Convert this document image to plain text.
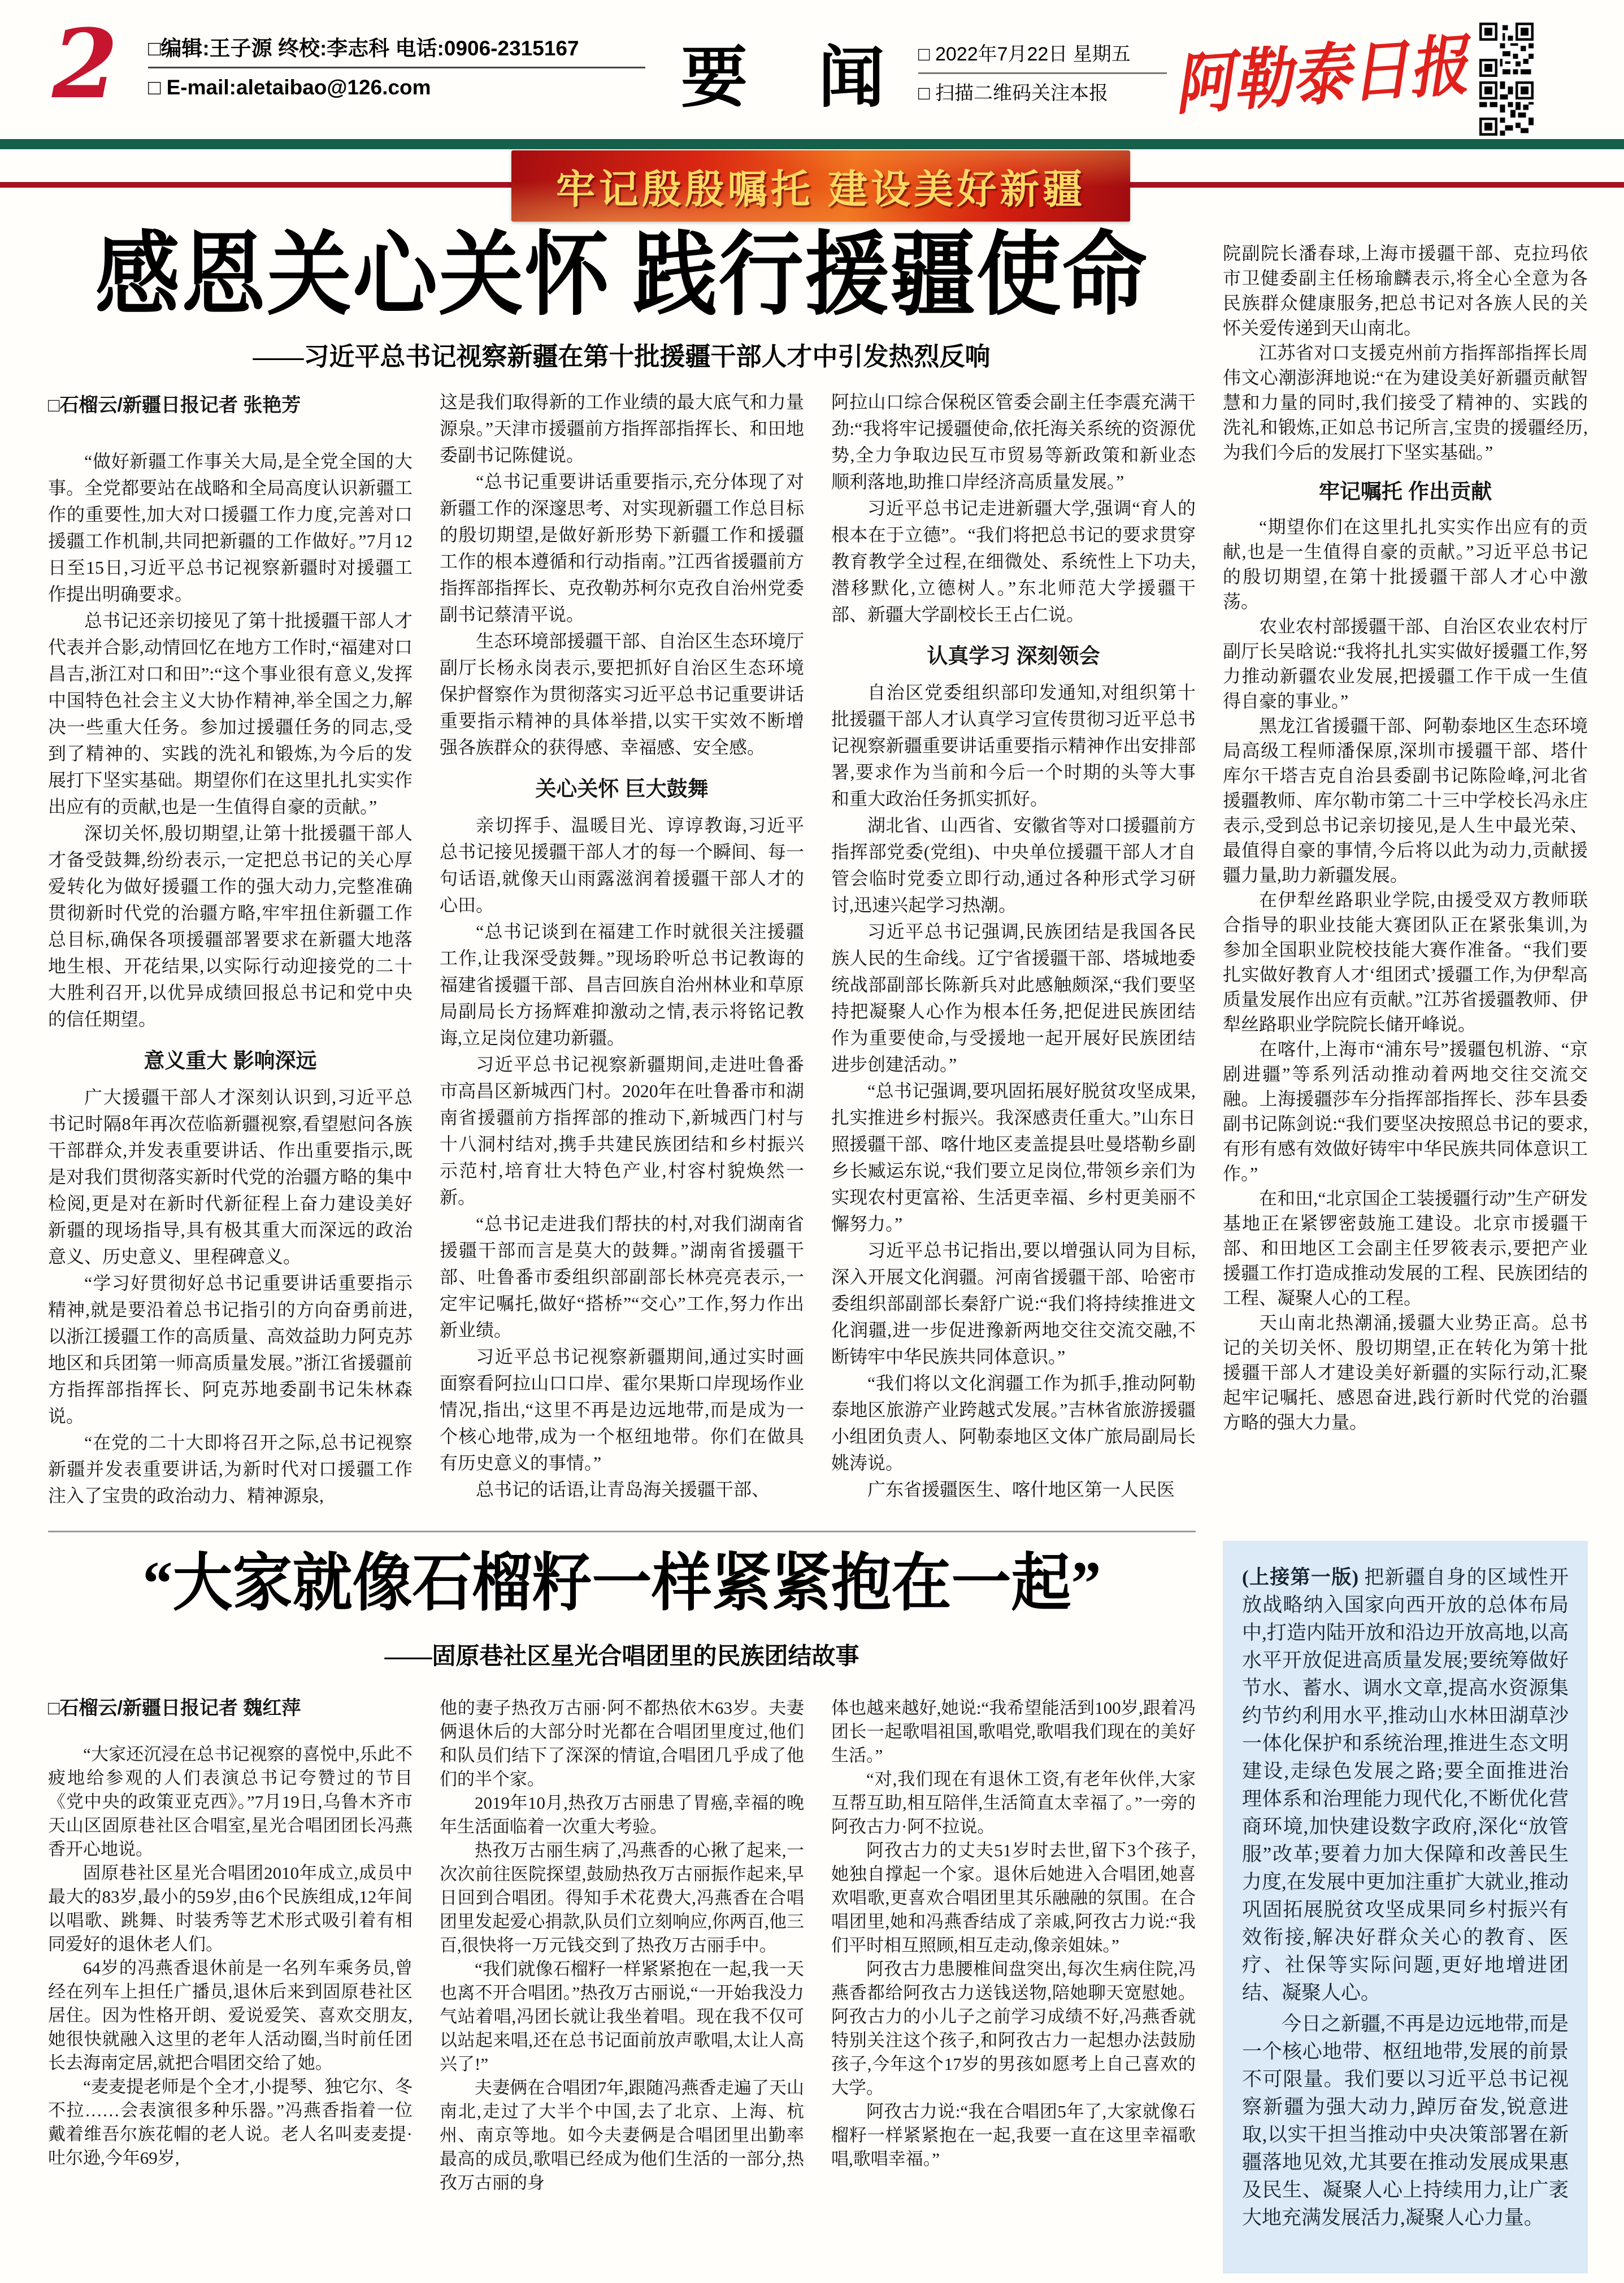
2 □编辑:王子源 终校:李志科 电话:0906-2315167
□ E-mail:aletaibao@126.com	要 闻 □ 2022年7月22日 星期五
□ 扫描二维码关注本报	阿勒泰日报
牢记殷殷嘱托 建设美好新疆
感恩关心关怀 践行援疆使命
——习近平总书记视察新疆在第十批援疆干部人才中引发热烈反响
□石榴云/新疆日报记者 张艳芳

“做好新疆工作事关大局,是全党全国的大事。全党都要站在战略和全局高度认识新疆工作的重要性,加大对口援疆工作力度,完善对口援疆工作机制,共同把新疆的工作做好。”7月12日至15日,习近平总书记视察新疆时对援疆工作提出明确要求。

总书记还亲切接见了第十批援疆干部人才代表并合影,动情回忆在地方工作时,“福建对口昌吉,浙江对口和田”:“这个事业很有意义,发挥中国特色社会主义大协作精神,举全国之力,解决一些重大任务。参加过援疆任务的同志,受到了精神的、实践的洗礼和锻炼,为今后的发展打下坚实基础。期望你们在这里扎扎实实作出应有的贡献,也是一生值得自豪的贡献。”

深切关怀,殷切期望,让第十批援疆干部人才备受鼓舞,纷纷表示,一定把总书记的关心厚爱转化为做好援疆工作的强大动力,完整准确贯彻新时代党的治疆方略,牢牢扭住新疆工作总目标,确保各项援疆部署要求在新疆大地落地生根、开花结果,以实际行动迎接党的二十大胜利召开,以优异成绩回报总书记和党中央的信任期望。

意义重大 影响深远

广大援疆干部人才深刻认识到,习近平总书记时隔8年再次莅临新疆视察,看望慰问各族干部群众,并发表重要讲话、作出重要指示,既是对我们贯彻落实新时代党的治疆方略的集中检阅,更是对在新时代新征程上奋力建设美好新疆的现场指导,具有极其重大而深远的政治意义、历史意义、里程碑意义。

“学习好贯彻好总书记重要讲话重要指示精神,就是要沿着总书记指引的方向奋勇前进,以浙江援疆工作的高质量、高效益助力阿克苏地区和兵团第一师高质量发展。”浙江省援疆前方指挥部指挥长、阿克苏地委副书记朱林森说。

“在党的二十大即将召开之际,总书记视察新疆并发表重要讲话,为新时代对口援疆工作注入了宝贵的政治动力、精神源泉,

这是我们取得新的工作业绩的最大底气和力量源泉。”天津市援疆前方指挥部指挥长、和田地委副书记陈健说。

“总书记重要讲话重要指示,充分体现了对新疆工作的深邃思考、对实现新疆工作总目标的殷切期望,是做好新形势下新疆工作和援疆工作的根本遵循和行动指南。”江西省援疆前方指挥部指挥长、克孜勒苏柯尔克孜自治州党委副书记蔡清平说。

生态环境部援疆干部、自治区生态环境厅副厅长杨永岗表示,要把抓好自治区生态环境保护督察作为贯彻落实习近平总书记重要讲话重要指示精神的具体举措,以实干实效不断增强各族群众的获得感、幸福感、安全感。

关心关怀 巨大鼓舞

亲切挥手、温暖目光、谆谆教诲,习近平总书记接见援疆干部人才的每一个瞬间、每一句话语,就像天山雨露滋润着援疆干部人才的心田。

“总书记谈到在福建工作时就很关注援疆工作,让我深受鼓舞。”现场聆听总书记教诲的福建省援疆干部、昌吉回族自治州林业和草原局副局长方扬辉难抑激动之情,表示将铭记教诲,立足岗位建功新疆。

习近平总书记视察新疆期间,走进吐鲁番市高昌区新城西门村。2020年在吐鲁番市和湖南省援疆前方指挥部的推动下,新城西门村与十八洞村结对,携手共建民族团结和乡村振兴示范村,培育壮大特色产业,村容村貌焕然一新。

“总书记走进我们帮扶的村,对我们湖南省援疆干部而言是莫大的鼓舞。”湖南省援疆干部、吐鲁番市委组织部副部长林亮亮表示,一定牢记嘱托,做好“搭桥”“交心”工作,努力作出新业绩。

习近平总书记视察新疆期间,通过实时画面察看阿拉山口口岸、霍尔果斯口岸现场作业情况,指出,“这里不再是边远地带,而是成为一个核心地带,成为一个枢纽地带。你们在做具有历史意义的事情。”

总书记的话语,让青岛海关援疆干部、

阿拉山口综合保税区管委会副主任李震充满干劲:“我将牢记援疆使命,依托海关系统的资源优势,全力争取边民互市贸易等新政策和新业态顺利落地,助推口岸经济高质量发展。”

习近平总书记走进新疆大学,强调“育人的根本在于立德”。“我们将把总书记的要求贯穿教育教学全过程,在细微处、系统性上下功夫,潜移默化,立德树人。”东北师范大学援疆干部、新疆大学副校长王占仁说。

认真学习 深刻领会

自治区党委组织部印发通知,对组织第十批援疆干部人才认真学习宣传贯彻习近平总书记视察新疆重要讲话重要指示精神作出安排部署,要求作为当前和今后一个时期的头等大事和重大政治任务抓实抓好。

湖北省、山西省、安徽省等对口援疆前方指挥部党委(党组)、中央单位援疆干部人才自管会临时党委立即行动,通过各种形式学习研讨,迅速兴起学习热潮。

习近平总书记强调,民族团结是我国各民族人民的生命线。辽宁省援疆干部、塔城地委统战部副部长陈新兵对此感触颇深,“我们要坚持把凝聚人心作为根本任务,把促进民族团结作为重要使命,与受援地一起开展好民族团结进步创建活动。”

“总书记强调,要巩固拓展好脱贫攻坚成果,扎实推进乡村振兴。我深感责任重大。”山东日照援疆干部、喀什地区麦盖提县吐曼塔勒乡副乡长臧运东说,“我们要立足岗位,带领乡亲们为实现农村更富裕、生活更幸福、乡村更美丽不懈努力。”

习近平总书记指出,要以增强认同为目标,深入开展文化润疆。河南省援疆干部、哈密市委组织部副部长秦舒广说:“我们将持续推进文化润疆,进一步促进豫新两地交往交流交融,不断铸牢中华民族共同体意识。”

“我们将以文化润疆工作为抓手,推动阿勒泰地区旅游产业跨越式发展。”吉林省旅游援疆小组团负责人、阿勒泰地区文体广旅局副局长姚涛说。

广东省援疆医生、喀什地区第一人民医

院副院长潘春球,上海市援疆干部、克拉玛依市卫健委副主任杨瑜麟表示,将全心全意为各民族群众健康服务,把总书记对各族人民的关怀关爱传递到天山南北。

江苏省对口支援克州前方指挥部指挥长周伟文心潮澎湃地说:“在为建设美好新疆贡献智慧和力量的同时,我们接受了精神的、实践的洗礼和锻炼,正如总书记所言,宝贵的援疆经历,为我们今后的发展打下坚实基础。”

牢记嘱托 作出贡献

“期望你们在这里扎扎实实作出应有的贡献,也是一生值得自豪的贡献。”习近平总书记的殷切期望,在第十批援疆干部人才心中激荡。

农业农村部援疆干部、自治区农业农村厅副厅长吴晗说:“我将扎扎实实做好援疆工作,努力推动新疆农业发展,把援疆工作干成一生值得自豪的事业。”

黑龙江省援疆干部、阿勒泰地区生态环境局高级工程师潘保原,深圳市援疆干部、塔什库尔干塔吉克自治县委副书记陈险峰,河北省援疆教师、库尔勒市第二十三中学校长冯永庄表示,受到总书记亲切接见,是人生中最光荣、最值得自豪的事情,今后将以此为动力,贡献援疆力量,助力新疆发展。

在伊犁丝路职业学院,由援受双方教师联合指导的职业技能大赛团队正在紧张集训,为参加全国职业院校技能大赛作准备。“我们要扎实做好教育人才‘组团式’援疆工作,为伊犁高质量发展作出应有贡献。”江苏省援疆教师、伊犁丝路职业学院院长储开峰说。

在喀什,上海市“浦东号”援疆包机游、“京剧进疆”等系列活动推动着两地交往交流交融。上海援疆莎车分指挥部指挥长、莎车县委副书记陈剑说:“我们要坚决按照总书记的要求,有形有感有效做好铸牢中华民族共同体意识工作。”

在和田,“北京国企工装援疆行动”生产研发基地正在紧锣密鼓施工建设。北京市援疆干部、和田地区工会副主任罗筱表示,要把产业援疆工作打造成推动发展的工程、民族团结的工程、凝聚人心的工程。

天山南北热潮涌,援疆大业势正高。总书记的关切关怀、殷切期望,正在转化为第十批援疆干部人才建设美好新疆的实际行动,汇聚起牢记嘱托、感恩奋进,践行新时代党的治疆方略的强大力量。

“大家就像石榴籽一样紧紧抱在一起”
——固原巷社区星光合唱团里的民族团结故事
□石榴云/新疆日报记者 魏红萍

“大家还沉浸在总书记视察的喜悦中,乐此不疲地给参观的人们表演总书记夸赞过的节目《党中央的政策亚克西》。”7月19日,乌鲁木齐市天山区固原巷社区合唱室,星光合唱团团长冯燕香开心地说。

固原巷社区星光合唱团2010年成立,成员中最大的83岁,最小的59岁,由6个民族组成,12年间以唱歌、跳舞、时装秀等艺术形式吸引着有相同爱好的退休老人们。

64岁的冯燕香退休前是一名列车乘务员,曾经在列车上担任广播员,退休后来到固原巷社区居住。因为性格开朗、爱说爱笑、喜欢交朋友,她很快就融入这里的老年人活动圈,当时前任团长去海南定居,就把合唱团交给了她。

“麦麦提老师是个全才,小提琴、独它尔、冬不拉……会表演很多种乐器。”冯燕香指着一位戴着维吾尔族花帽的老人说。老人名叫麦麦提·吐尔逊,今年69岁,

他的妻子热孜万古丽·阿不都热依木63岁。夫妻俩退休后的大部分时光都在合唱团里度过,他们和队员们结下了深深的情谊,合唱团几乎成了他们的半个家。

2019年10月,热孜万古丽患了胃癌,幸福的晚年生活面临着一次重大考验。

热孜万古丽生病了,冯燕香的心揪了起来,一次次前往医院探望,鼓励热孜万古丽振作起来,早日回到合唱团。得知手术花费大,冯燕香在合唱团里发起爱心捐款,队员们立刻响应,你两百,他三百,很快将一万元钱交到了热孜万古丽手中。

“我们就像石榴籽一样紧紧抱在一起,我一天也离不开合唱团。”热孜万古丽说,“一开始我没力气站着唱,冯团长就让我坐着唱。现在我不仅可以站起来唱,还在总书记面前放声歌唱,太让人高兴了!”

夫妻俩在合唱团7年,跟随冯燕香走遍了天山南北,走过了大半个中国,去了北京、上海、杭州、南京等地。如今夫妻俩是合唱团里出勤率最高的成员,歌唱已经成为他们生活的一部分,热孜万古丽的身

体也越来越好,她说:“我希望能活到100岁,跟着冯团长一起歌唱祖国,歌唱党,歌唱我们现在的美好生活。”

“对,我们现在有退休工资,有老年伙伴,大家互帮互助,相互陪伴,生活简直太幸福了。”一旁的阿孜古力·阿不拉说。

阿孜古力的丈夫51岁时去世,留下3个孩子,她独自撑起一个家。退休后她进入合唱团,她喜欢唱歌,更喜欢合唱团里其乐融融的氛围。在合唱团里,她和冯燕香结成了亲戚,阿孜古力说:“我们平时相互照顾,相互走动,像亲姐妹。”

阿孜古力患腰椎间盘突出,每次生病住院,冯燕香都给阿孜古力送钱送物,陪她聊天宽慰她。阿孜古力的小儿子之前学习成绩不好,冯燕香就特别关注这个孩子,和阿孜古力一起想办法鼓励孩子,今年这个17岁的男孩如愿考上自己喜欢的大学。

阿孜古力说:“我在合唱团5年了,大家就像石榴籽一样紧紧抱在一起,我要一直在这里幸福歌唱,歌唱幸福。”

(上接第一版) 把新疆自身的区域性开放战略纳入国家向西开放的总体布局中,打造内陆开放和沿边开放高地,以高水平开放促进高质量发展;要统筹做好节水、蓄水、调水文章,提高水资源集约节约利用水平,推动山水林田湖草沙一体化保护和系统治理,推进生态文明建设,走绿色发展之路;要全面推进治理体系和治理能力现代化,不断优化营商环境,加快建设数字政府,深化“放管服”改革;要着力加大保障和改善民生力度,在发展中更加注重扩大就业,推动巩固拓展脱贫攻坚成果同乡村振兴有效衔接,解决好群众关心的教育、医疗、社保等实际问题,更好地增进团结、凝聚人心。

今日之新疆,不再是边远地带,而是一个核心地带、枢纽地带,发展的前景不可限量。我们要以习近平总书记视察新疆为强大动力,踔厉奋发,锐意进取,以实干担当推动中央决策部署在新疆落地见效,尤其要在推动发展成果惠及民生、凝聚人心上持续用力,让广袤大地充满发展活力,凝聚人心力量。
